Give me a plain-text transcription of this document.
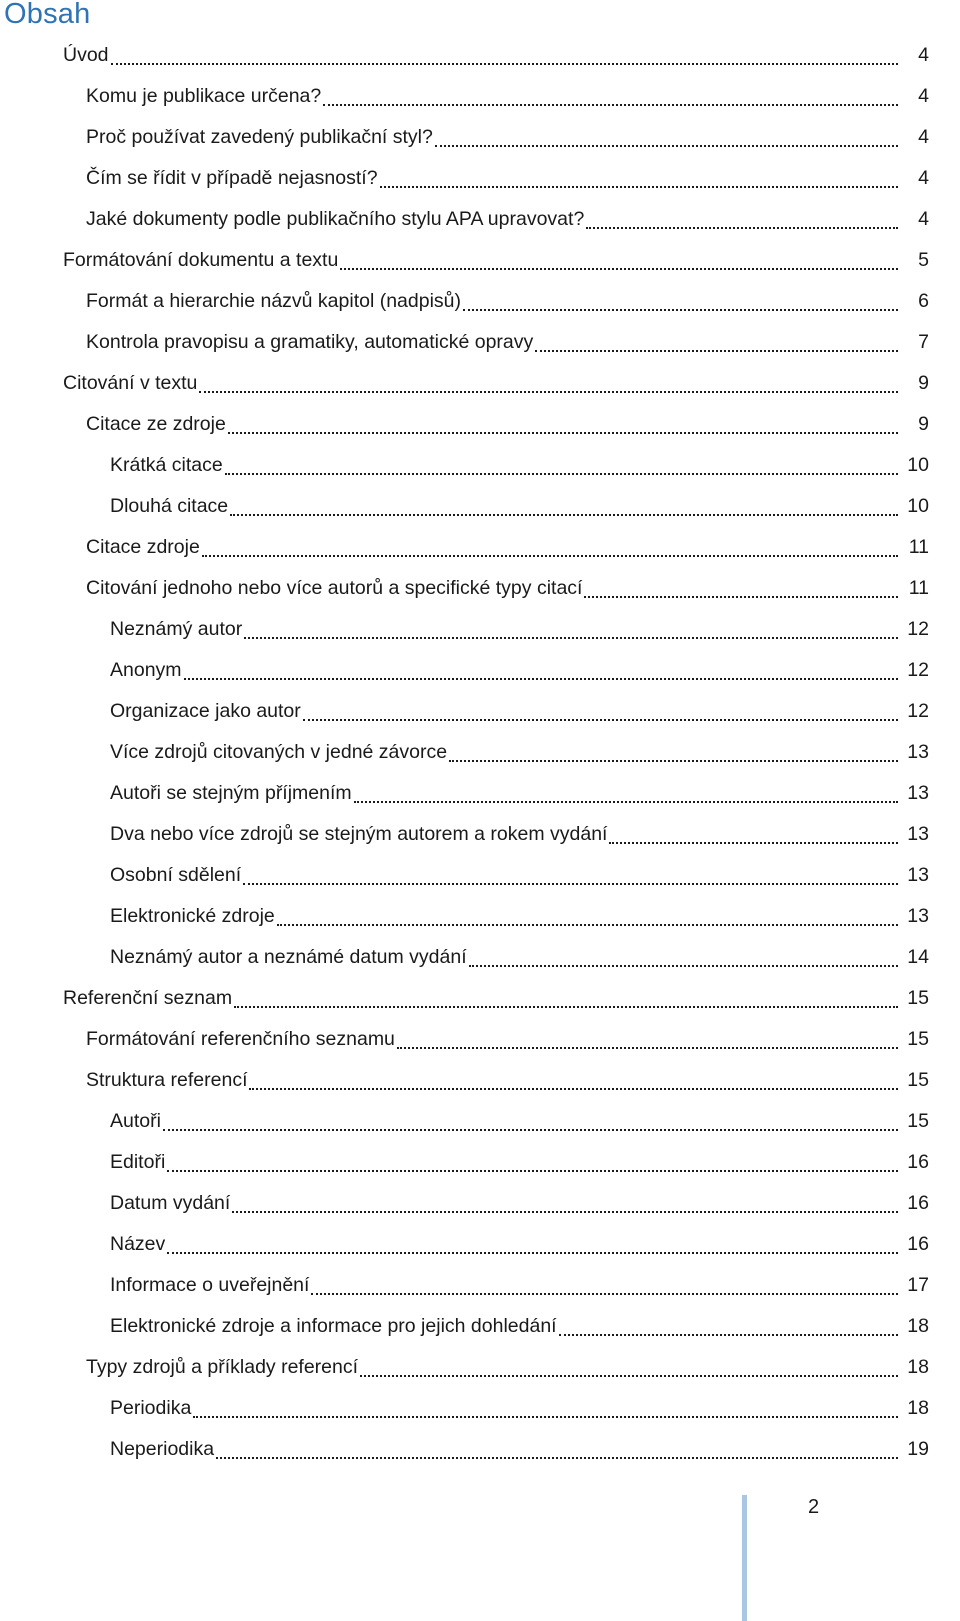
Obsah
Úvod	4
Komu je publikace určena?	4
Proč používat zavedený publikační styl?	4
Čím se řídit v případě nejasností?	4
Jaké dokumenty podle publikačního stylu APA upravovat?	4
Formátování dokumentu a textu	5
Formát a hierarchie názvů kapitol (nadpisů)	6
Kontrola pravopisu a gramatiky, automatické opravy	7
Citování v textu	9
Citace ze zdroje	9
Krátká citace	10
Dlouhá citace	10
Citace zdroje	11
Citování jednoho nebo více autorů a specifické typy citací	11
Neznámý autor	12
Anonym	12
Organizace jako autor	12
Více zdrojů citovaných v jedné závorce	13
Autoři se stejným příjmením	13
Dva nebo více zdrojů se stejným autorem a rokem vydání	13
Osobní sdělení	13
Elektronické zdroje	13
Neznámý autor a neznámé datum vydání	14
Referenční seznam	15
Formátování referenčního seznamu	15
Struktura referencí	15
Autoři	15
Editoři	16
Datum vydání	16
Název	16
Informace o uveřejnění	17
Elektronické zdroje a informace pro jejich dohledání	18
Typy zdrojů a příklady referencí	18
Periodika	18
Neperiodika	19
2
